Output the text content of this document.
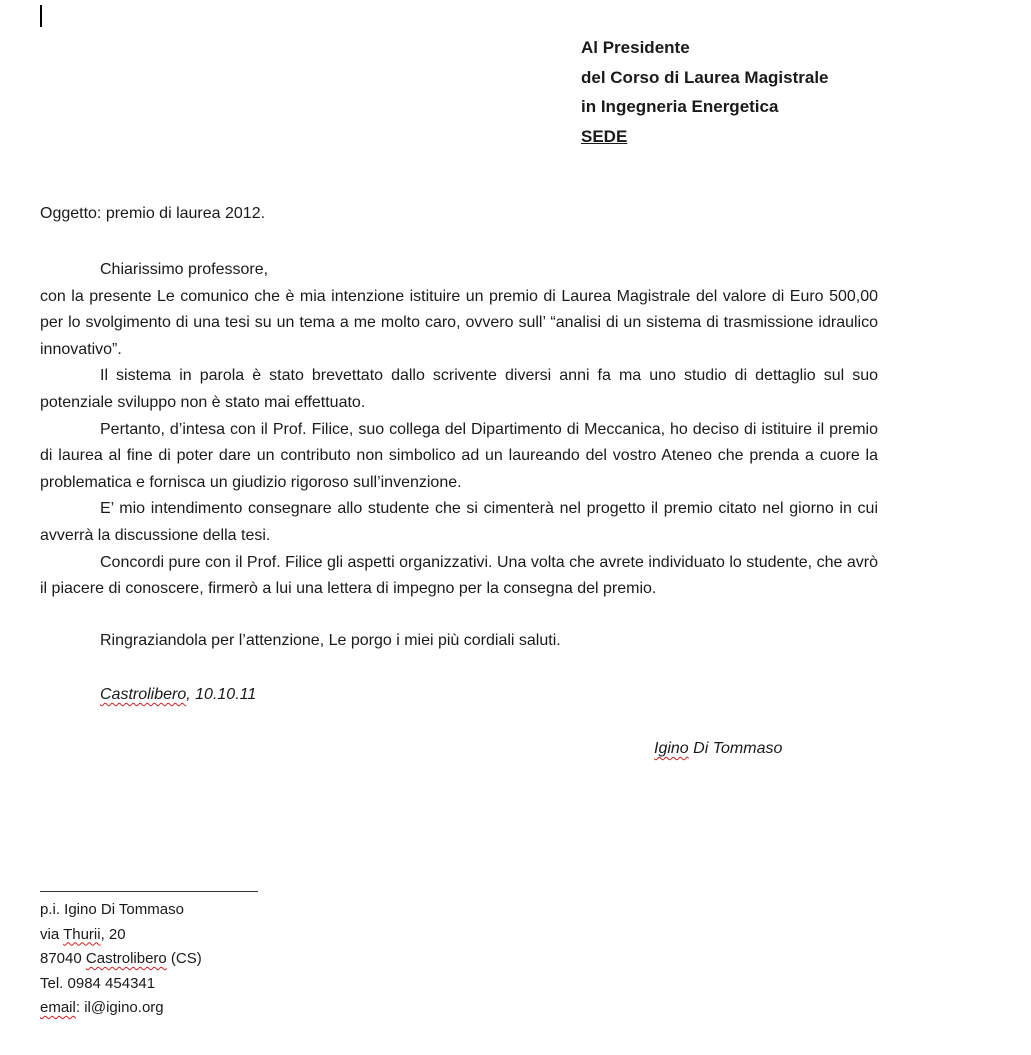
Al Presidente
del Corso di Laurea Magistrale
in Ingegneria Energetica
SEDE
Oggetto: premio di laurea 2012.

Chiarissimo professore,

con la presente Le comunico che è mia intenzione istituire un premio di Laurea Magistrale del valore di Euro 500,00 per lo svolgimento di una tesi su un tema a me molto caro, ovvero sull’ “analisi di un sistema di trasmissione idraulico innovativo”.

Il sistema in parola è stato brevettato dallo scrivente diversi anni fa ma uno studio di dettaglio sul suo potenziale sviluppo non è stato mai effettuato.

Pertanto, d’intesa con il Prof. Filice, suo collega del Dipartimento di Meccanica, ho deciso di istituire il premio di laurea al fine di poter dare un contributo non simbolico ad un laureando del vostro Ateneo che prenda a cuore la problematica e fornisca un giudizio rigoroso sull’invenzione.

E’ mio intendimento consegnare allo studente che si cimenterà nel progetto il premio citato nel giorno in cui avverrà la discussione della tesi.

Concordi pure con il Prof. Filice gli aspetti organizzativi. Una volta che avrete individuato lo studente, che avrò il piacere di conoscere, firmerò a lui una lettera di impegno per la consegna del premio.

Ringraziandola per l’attenzione, Le porgo i miei più cordiali saluti.
Castrolibero, 10.10.11
Igino Di Tommaso
p.i. Igino Di Tommaso
via Thurii, 20
87040 Castrolibero (CS)
Tel. 0984 454341
email: il@igino.org
